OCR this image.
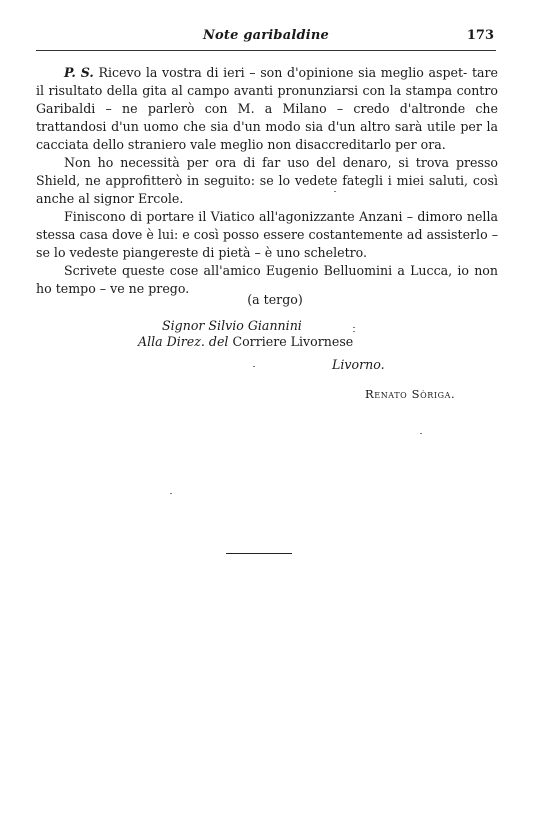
Note garibaldine	173
P. S. Ricevo la vostra di ieri – son d'opinione sia meglio aspet- tare il risultato della gita al campo avanti pronunziarsi con la stampa contro Garibaldi – ne parlerò con M. a Milano – credo d'altronde che trattandosi d'un uomo che sia d'un modo sia d'un altro sarà utile per la cacciata dello straniero vale meglio non disaccreditarlo per ora.
Non ho necessità per ora di far uso del denaro, si trova presso Shield, ne approfitterò in seguito: se lo vedete fategli i miei saluti, così anche al signor Ercole.
Finiscono di portare il Viatico all'agonizzante Anzani – dimoro nella stessa casa dove è lui: e così posso essere costantemente ad assisterlo – se lo vedeste piangereste di pietà – è uno scheletro.
Scrivete queste cose all'amico Eugenio Belluomini a Lucca, io non ho tempo – ve ne prego.
(a tergo)
Signor Silvio Giannini
Alla Direz. del Corriere Livornese
Livorno.
Renato Sòriga.
